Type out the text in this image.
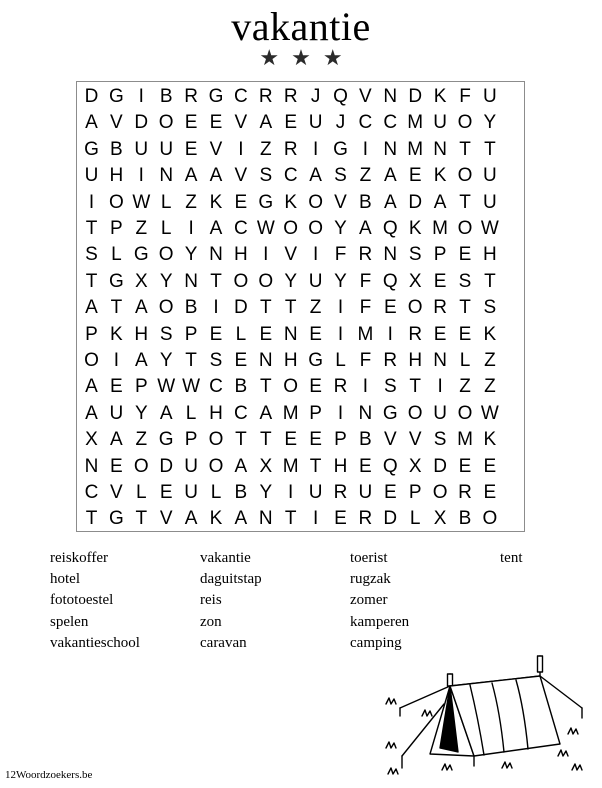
vakantie
★★★
D G I B R G C R R J Q V N D K F U
A V D O E E V A E U J C C M U O Y
G B U U E V I Z R I G I N M N T T
U H I N A A V S C A S Z A E K O U
I O W L Z K E G K O V B A D A T U
T P Z L I A C W O O Y A Q K M O W
S L G O Y N H I V I F R N S P E H
T G X Y N T O O Y U Y F Q X E S T
A T A O B I D T T Z I F E O R T S
P K H S P E L E N E I M I R E E K
O I A Y T S E N H G L F R H N L Z
A E P W W C B T O E R I S T I Z Z
A U Y A L H C A M P I N G O U O W
X A Z G P O T T E E P B V V S M K
N E O D U O A X M T H E Q X D E E
C V L E U L B Y I U R U E P O R E
T G T V A K A N T I E R D L X B O
reiskoffer
hotel
fototoestel
spelen
vakantieschool
vakantie
daguitstap
reis
zon
caravan
toerist
rugzak
zomer
kamperen
camping
tent
12Woordzoekers.be
